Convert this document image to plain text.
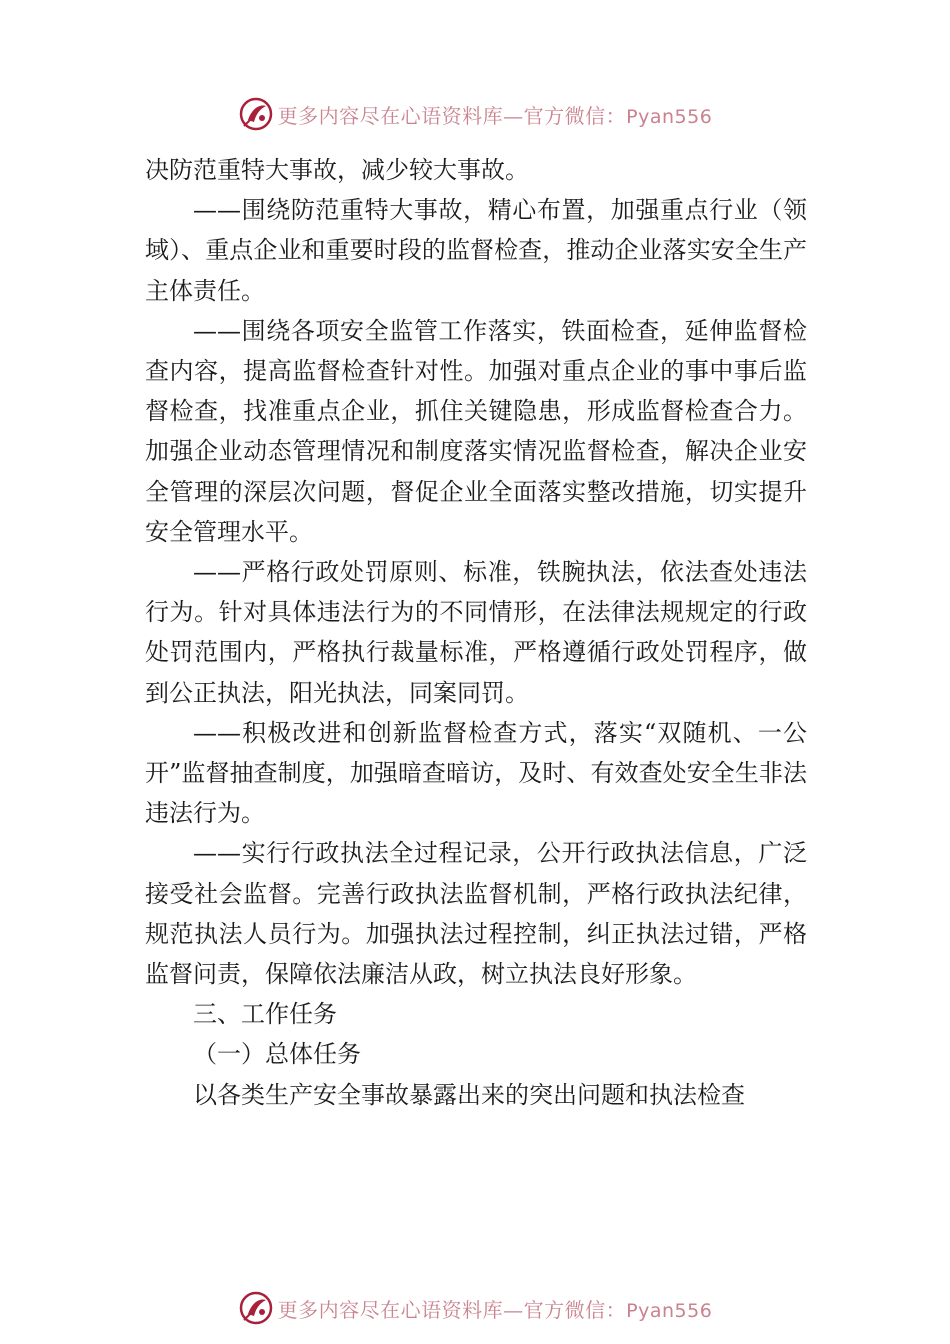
更多内容尽在心语资料库—官方微信：Pyan556

决防范重特大事故，减少较大事故。

——围绕防范重特大事故，精心布置，加强重点行业（领域）、重点企业和重要时段的监督检查，推动企业落实安全生产主体责任。

——围绕各项安全监管工作落实，铁面检查，延伸监督检查内容，提高监督检查针对性。加强对重点企业的事中事后监督检查，找准重点企业，抓住关键隐患，形成监督检查合力。加强企业动态管理情况和制度落实情况监督检查，解决企业安全管理的深层次问题，督促企业全面落实整改措施，切实提升安全管理水平。

——严格行政处罚原则、标准，铁腕执法，依法查处违法行为。针对具体违法行为的不同情形，在法律法规规定的行政处罚范围内，严格执行裁量标准，严格遵循行政处罚程序，做到公正执法，阳光执法，同案同罚。

——积极改进和创新监督检查方式，落实“双随机、一公开”监督抽查制度，加强暗查暗访，及时、有效查处安全生非法违法行为。

——实行行政执法全过程记录，公开行政执法信息，广泛接受社会监督。完善行政执法监督机制，严格行政执法纪律，规范执法人员行为。加强执法过程控制，纠正执法过错，严格监督问责，保障依法廉洁从政，树立执法良好形象。

三、工作任务

（一）总体任务

以各类生产安全事故暴露出来的突出问题和执法检查

更多内容尽在心语资料库—官方微信：Pyan556
